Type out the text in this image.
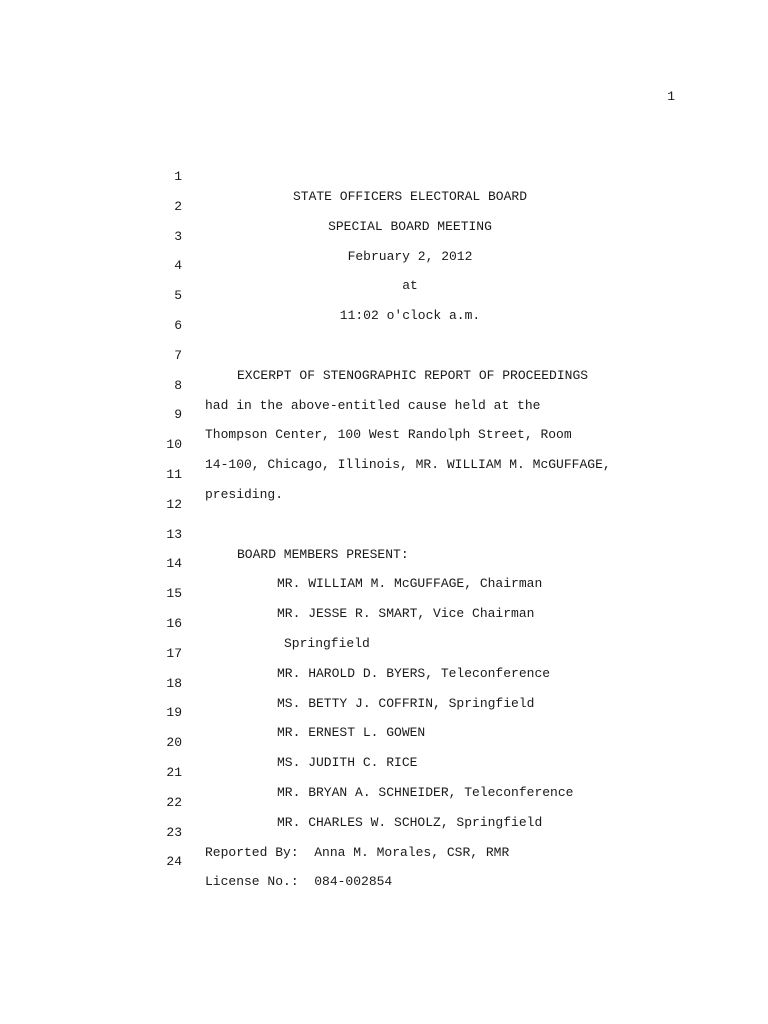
1

1

STATE OFFICERS ELECTORAL BOARD

2

SPECIAL BOARD MEETING

3

February 2, 2012

4

at

5

11:02 o'clock a.m.

6

7

EXCERPT OF STENOGRAPHIC REPORT OF PROCEEDINGS

8

had in the above-entitled cause held at the

9

Thompson Center, 100 West Randolph Street, Room

10

14-100, Chicago, Illinois, MR. WILLIAM M. McGUFFAGE,

11

presiding.

12

13

BOARD MEMBERS PRESENT:

14

MR. WILLIAM M. McGUFFAGE, Chairman

15

MR. JESSE R. SMART, Vice Chairman

16

Springfield

17

MR. HAROLD D. BYERS, Teleconference

18

MS. BETTY J. COFFRIN, Springfield

19

MR. ERNEST L. GOWEN

20

MS. JUDITH C. RICE

21

MR. BRYAN A. SCHNEIDER, Teleconference

22

MR. CHARLES W. SCHOLZ, Springfield

23

Reported By:  Anna M. Morales, CSR, RMR

24

License No.:  084-002854
